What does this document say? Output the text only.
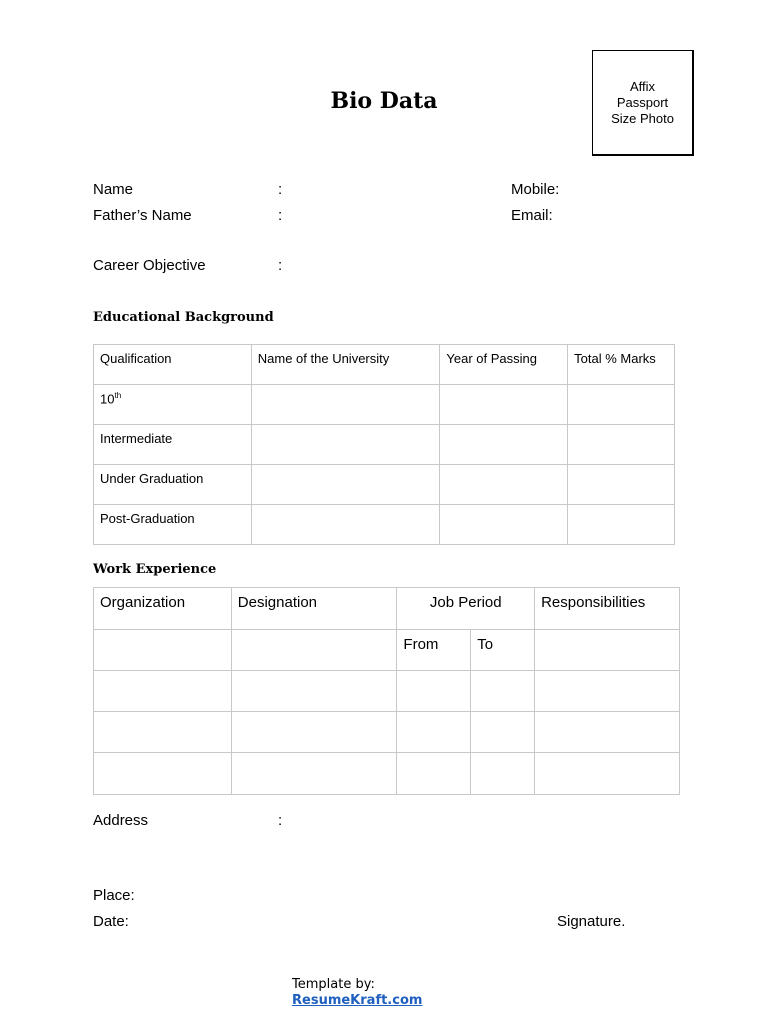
Bio Data
Affix
Passport
Size Photo
Name	:	Mobile:
Father’s Name	:	Email:
Career Objective	:
Educational Background
Qualification	Name of the University	Year of Passing	Total % Marks
10th			
Intermediate			
Under Graduation			
Post-Graduation			
Work Experience
Organization	Designation	Job Period		Responsibilities
		From	To	

Address	:
Place:
Date:	Signature.
Template by:
ResumeKraft.com
